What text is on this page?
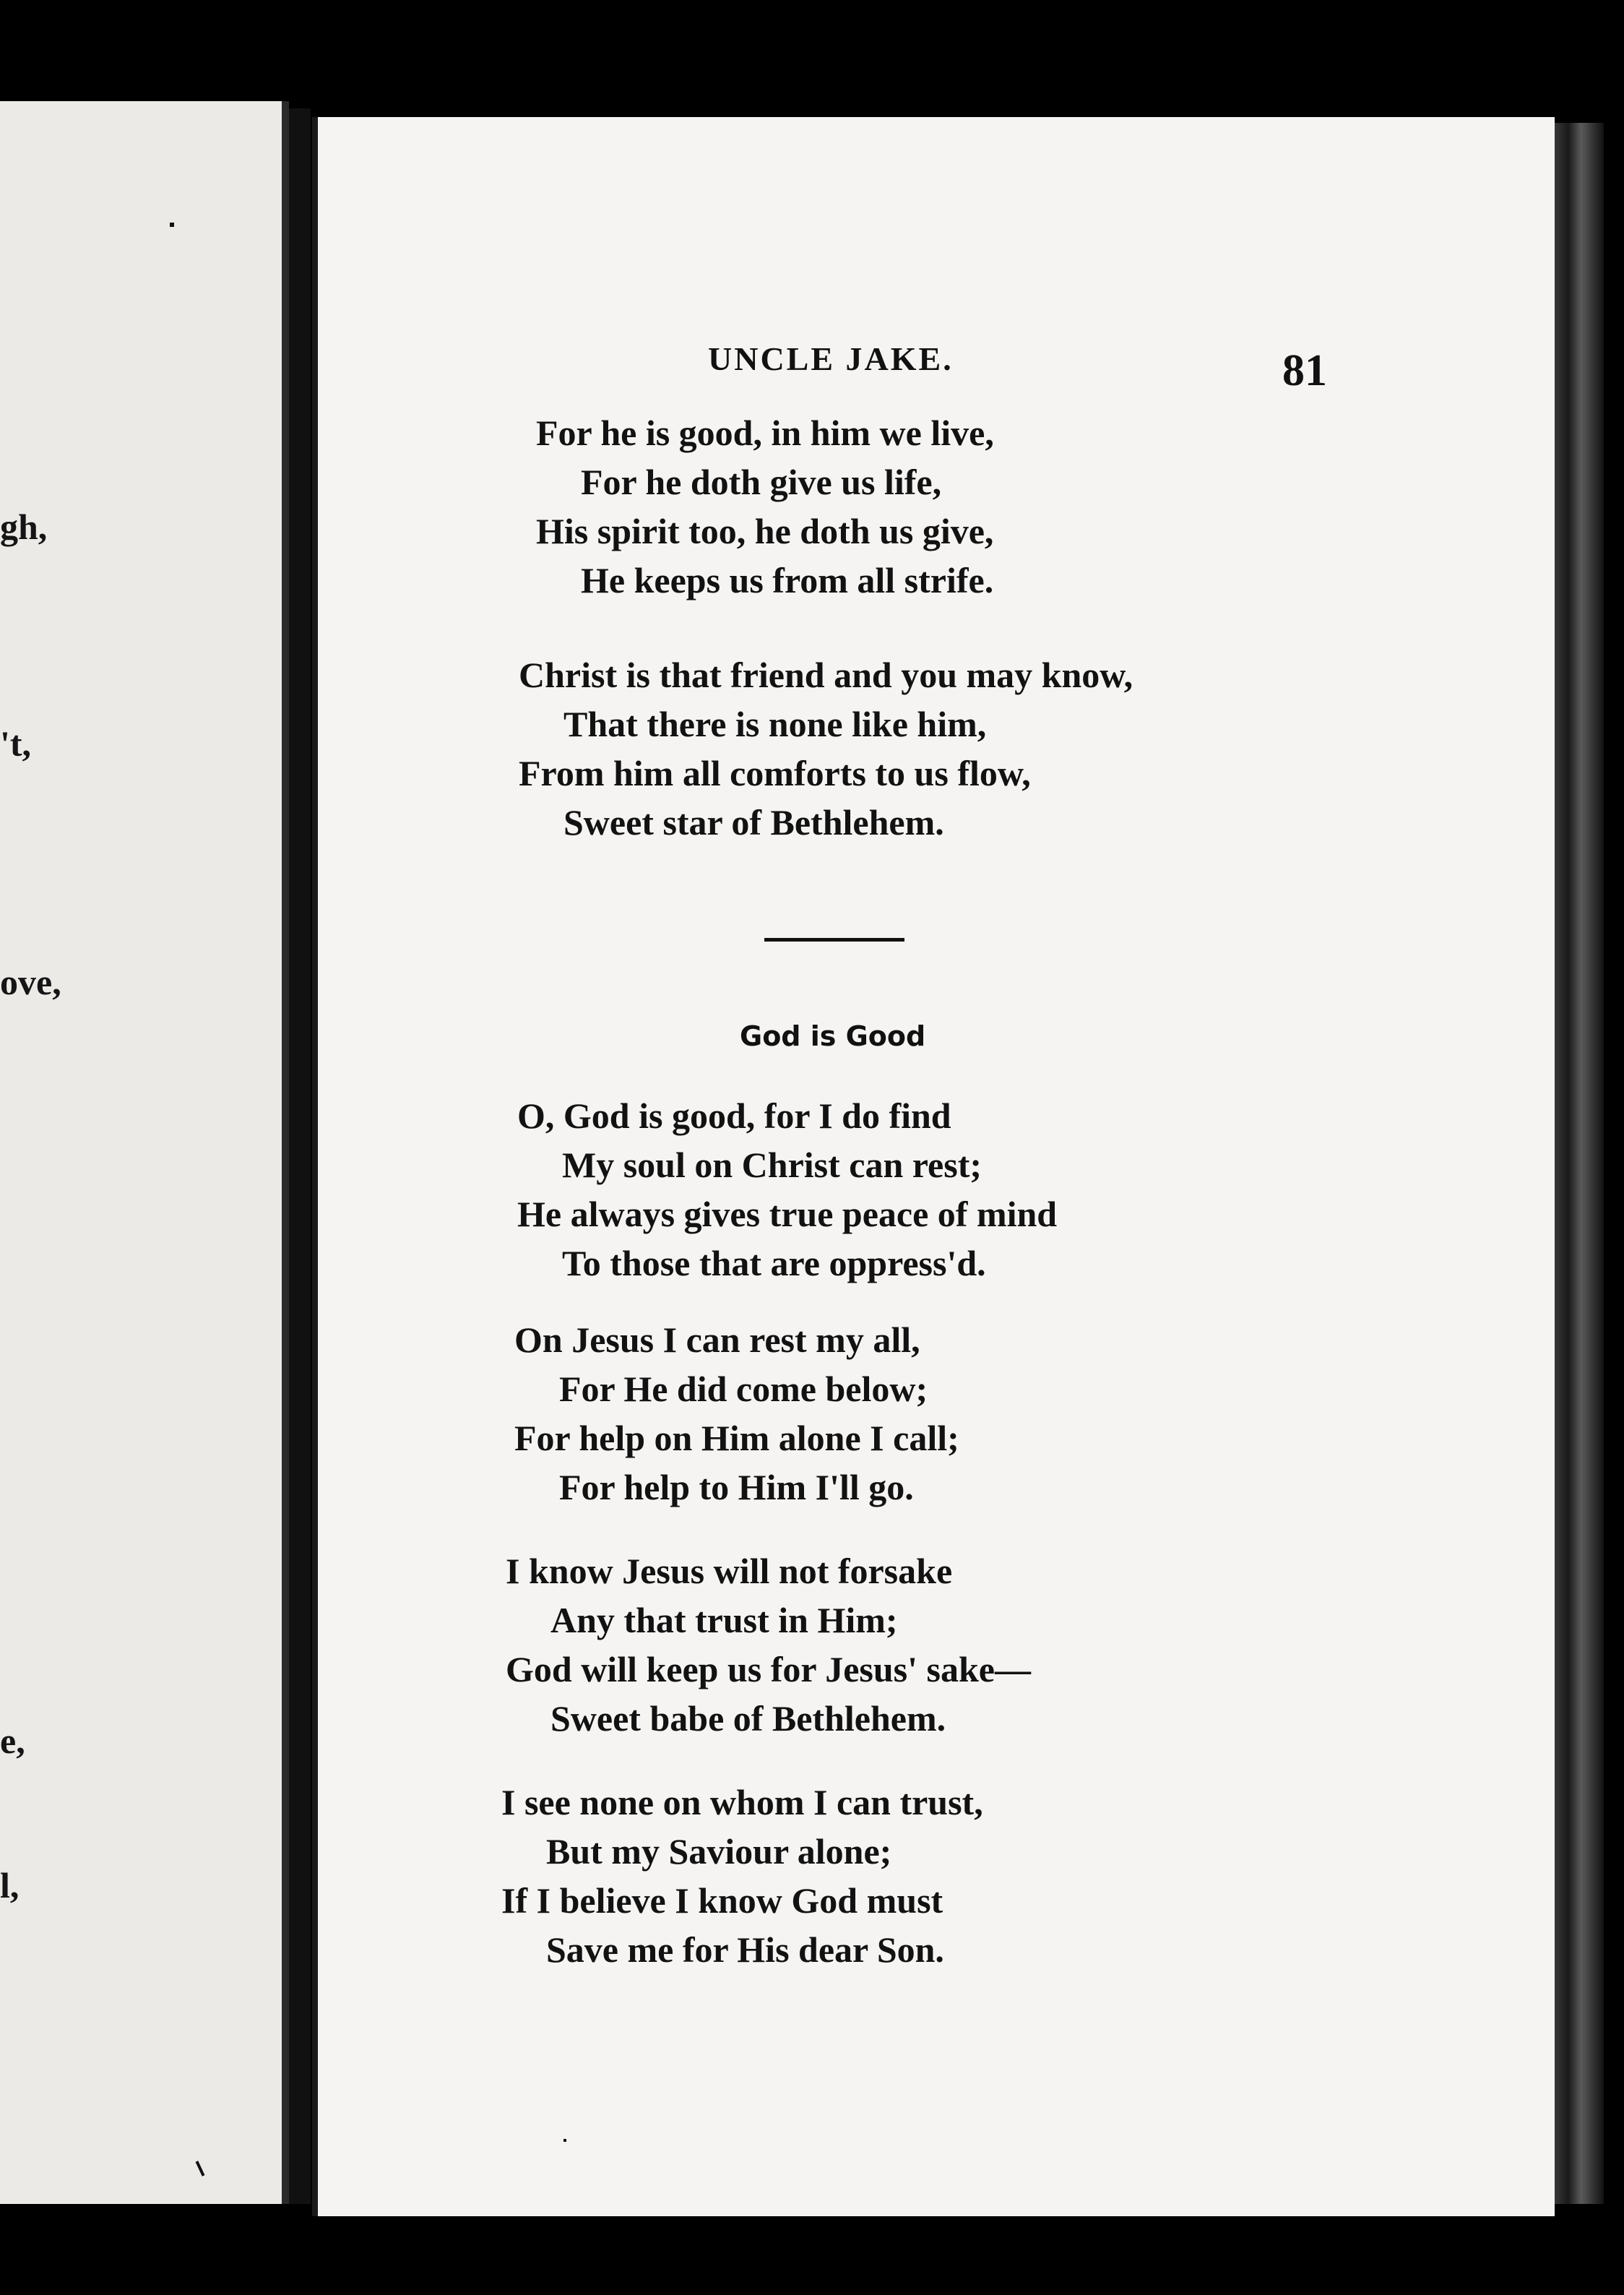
gh,
't,
ove,
e,
l,
UNCLE JAKE.	81
For he is good, in him we live,
For he doth give us life,
His spirit too, he doth us give,
He keeps us from all strife.
Christ is that friend and you may know,
That there is none like him,
From him all comforts to us flow,
Sweet star of Bethlehem.
God is Good
O, God is good, for I do find
My soul on Christ can rest;
He always gives true peace of mind
To those that are oppress'd.
On Jesus I can rest my all,
For He did come below;
For help on Him alone I call;
For help to Him I'll go.
I know Jesus will not forsake
Any that trust in Him;
God will keep us for Jesus' sake—
Sweet babe of Bethlehem.
I see none on whom I can trust,
But my Saviour alone;
If I believe I know God must
Save me for His dear Son.
